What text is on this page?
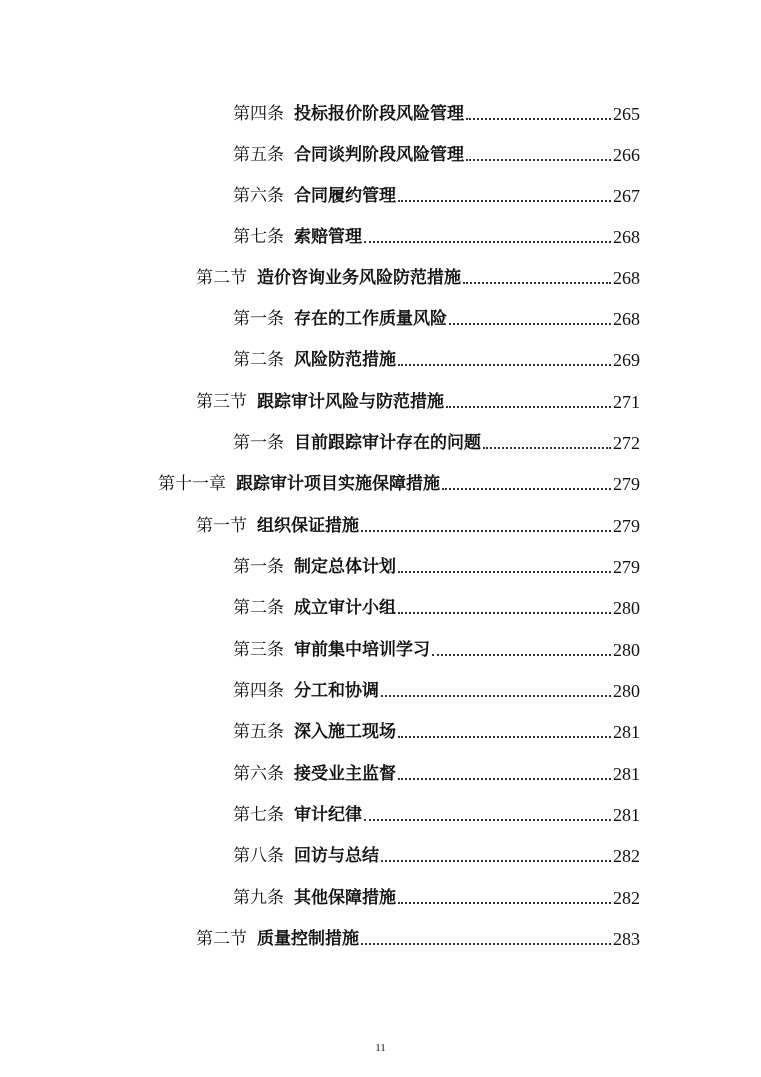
第四条 投标报价阶段风险管理	265
第五条 合同谈判阶段风险管理	266
第六条 合同履约管理	267
第七条 索赔管理	268
第二节 造价咨询业务风险防范措施	268
第一条 存在的工作质量风险	268
第二条 风险防范措施	269
第三节 跟踪审计风险与防范措施	271
第一条 目前跟踪审计存在的问题	272
第十一章 跟踪审计项目实施保障措施	279
第一节 组织保证措施	279
第一条 制定总体计划	279
第二条 成立审计小组	280
第三条 审前集中培训学习	280
第四条 分工和协调	280
第五条 深入施工现场	281
第六条 接受业主监督	281
第七条 审计纪律	281
第八条 回访与总结	282
第九条 其他保障措施	282
第二节 质量控制措施	283
11
